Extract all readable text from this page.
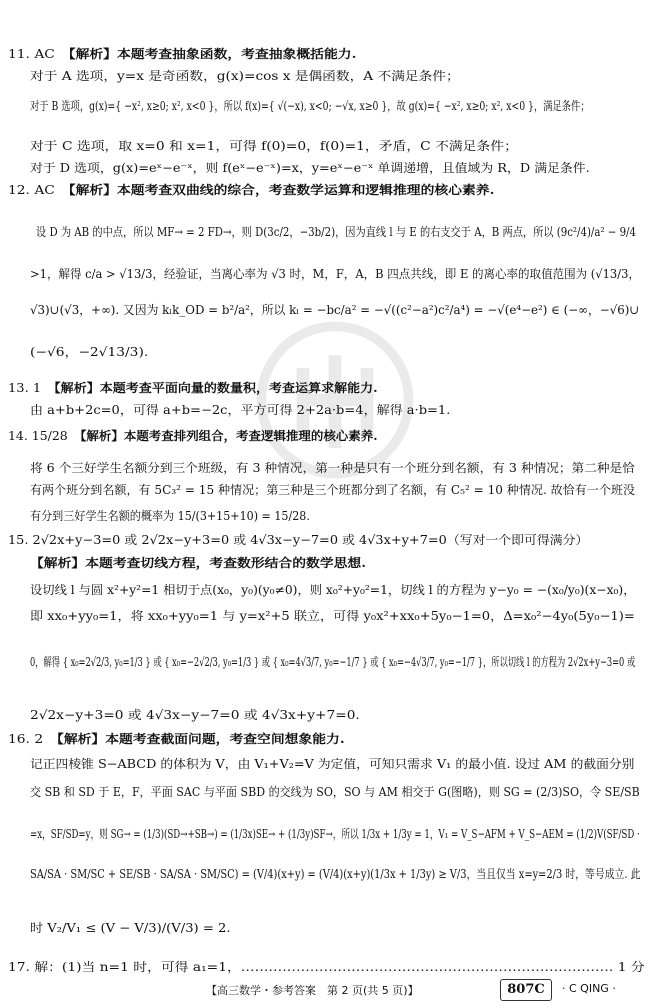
11. AC 【解析】本题考查抽象函数，考查抽象概括能力.
对于 A 选项，y=x 是奇函数，g(x)=cos x 是偶函数，A 不满足条件；
对于 B 选项，g(x)={ −x², x≥0; x², x<0 }，所以 f(x)={ √(−x), x<0; −√x, x≥0 }，故 g(x)={ −x², x≥0; x², x<0 }，满足条件；
对于 C 选项，取 x=0 和 x=1，可得 f(0)=0，f(0)=1，矛盾，C 不满足条件；
对于 D 选项，g(x)=eˣ−e⁻ˣ，则 f(eˣ−e⁻ˣ)=x，y=eˣ−e⁻ˣ 单调递增，且值域为 R，D 满足条件.
12. AC 【解析】本题考查双曲线的综合，考查数学运算和逻辑推理的核心素养.
设 D 为 AB 的中点，所以 MF→ = 2 FD→，则 D(3c/2，−3b/2)，因为直线 l 与 E 的右支交于 A，B 两点，所以 (9c²/4)/a² − 9/4
>1，解得 c/a > √13/3，经验证，当离心率为 √3 时，M，F，A，B 四点共线，即 E 的离心率的取值范围为 (√13/3，
√3)∪(√3，+∞). 又因为 kₗk_OD = b²/a²，所以 kₗ = −bc/a² = −√((c²−a²)c²/a⁴) = −√(e⁴−e²) ∈ (−∞，−√6)∪
(−√6，−2√13/3).
13. 1 【解析】本题考查平面向量的数量积，考查运算求解能力.
由 a+b+2c=0，可得 a+b=−2c，平方可得 2+2a·b=4，解得 a·b=1.
14. 15/28 【解析】本题考查排列组合，考查逻辑推理的核心素养.
将 6 个三好学生名额分到三个班级，有 3 种情况，第一种是只有一个班分到名额，有 3 种情况；第二种是恰
有两个班分到名额，有 5C₃² = 15 种情况；第三种是三个班都分到了名额，有 C₅² = 10 种情况. 故恰有一个班没
有分到三好学生名额的概率为 15/(3+15+10) = 15/28.
15. 2√2x+y−3=0 或 2√2x−y+3=0 或 4√3x−y−7=0 或 4√3x+y+7=0（写对一个即可得满分）
【解析】本题考查切线方程，考查数形结合的数学思想.
设切线 l 与圆 x²+y²=1 相切于点(x₀，y₀)(y₀≠0)，则 x₀²+y₀²=1，切线 l 的方程为 y−y₀ = −(x₀/y₀)(x−x₀)，
即 xx₀+yy₀=1，将 xx₀+yy₀=1 与 y=x²+5 联立，可得 y₀x²+xx₀+5y₀−1=0，Δ=x₀²−4y₀(5y₀−1)=
0，解得 { x₀=2√2/3, y₀=1/3 } 或 { x₀=−2√2/3, y₀=1/3 } 或 { x₀=4√3/7, y₀=−1/7 } 或 { x₀=−4√3/7, y₀=−1/7 }，所以切线 l 的方程为 2√2x+y−3=0 或
2√2x−y+3=0 或 4√3x−y−7=0 或 4√3x+y+7=0.
16. 2 【解析】本题考查截面问题，考查空间想象能力.
记正四棱锥 S−ABCD 的体积为 V，由 V₁+V₂=V 为定值，可知只需求 V₁ 的最小值. 设过 AM 的截面分别
交 SB 和 SD 于 E，F，平面 SAC 与平面 SBD 的交线为 SO，SO 与 AM 相交于 G(图略)，则 SG = (2/3)SO，令 SE/SB
=x，SF/SD=y，则 SG→ = (1/3)(SD→+SB→) = (1/3x)SE→ + (1/3y)SF→，所以 1/3x + 1/3y = 1，V₁ = V_S−AFM + V_S−AEM = (1/2)V(SF/SD ·
SA/SA · SM/SC + SE/SB · SA/SA · SM/SC) = (V/4)(x+y) = (V/4)(x+y)(1/3x + 1/3y) ≥ V/3，当且仅当 x=y=2/3 时，等号成立. 此
时 V₂/V₁ ≤ (V − V/3)/(V/3) = 2.
17. 解：(1)当 n=1 时，可得 a₁=1，……………………………………………………………………… 1 分
【高三数学・参考答案　第 2 页(共 5 页)】	807C	· C QING ·
